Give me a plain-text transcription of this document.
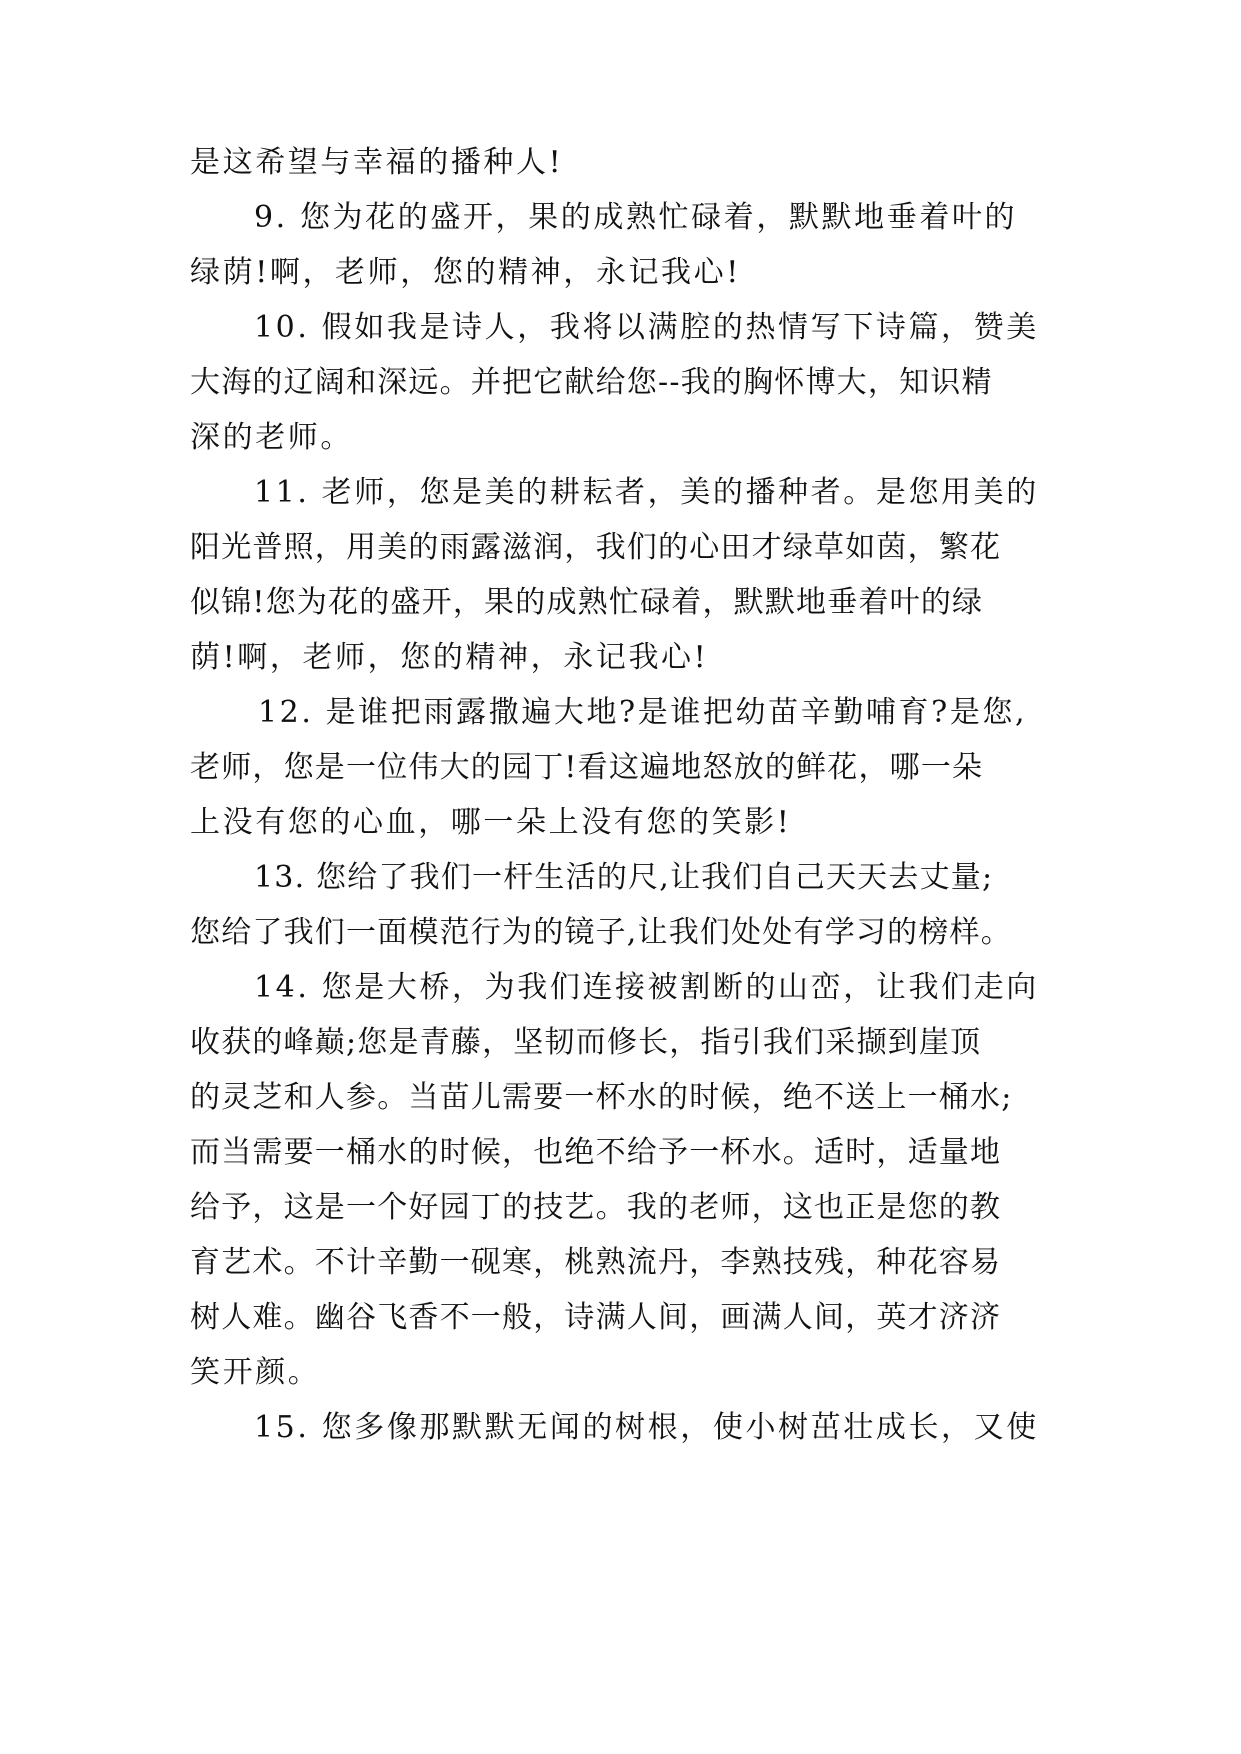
是这希望与幸福的播种人!
9. 您为花的盛开，果的成熟忙碌着，默默地垂着叶的
绿荫!啊，老师，您的精神，永记我心!
10. 假如我是诗人，我将以满腔的热情写下诗篇，赞美
大海的辽阔和深远。并把它献给您--我的胸怀博大，知识精
深的老师。
11. 老师，您是美的耕耘者，美的播种者。是您用美的
阳光普照，用美的雨露滋润，我们的心田才绿草如茵，繁花
似锦!您为花的盛开，果的成熟忙碌着，默默地垂着叶的绿
荫!啊，老师，您的精神，永记我心!
12. 是谁把雨露撒遍大地?是谁把幼苗辛勤哺育?是您,
老师，您是一位伟大的园丁!看这遍地怒放的鲜花，哪一朵
上没有您的心血，哪一朵上没有您的笑影!
13. 您给了我们一杆生活的尺,让我们自己天天去丈量;
您给了我们一面模范行为的镜子,让我们处处有学习的榜样。
14. 您是大桥，为我们连接被割断的山峦，让我们走向
收获的峰巅;您是青藤，坚韧而修长，指引我们采撷到崖顶
的灵芝和人参。当苗儿需要一杯水的时候，绝不送上一桶水;
而当需要一桶水的时候，也绝不给予一杯水。适时，适量地
给予，这是一个好园丁的技艺。我的老师，这也正是您的教
育艺术。不计辛勤一砚寒，桃熟流丹，李熟技残，种花容易
树人难。幽谷飞香不一般，诗满人间，画满人间，英才济济
笑开颜。
15. 您多像那默默无闻的树根，使小树茁壮成长，又使
